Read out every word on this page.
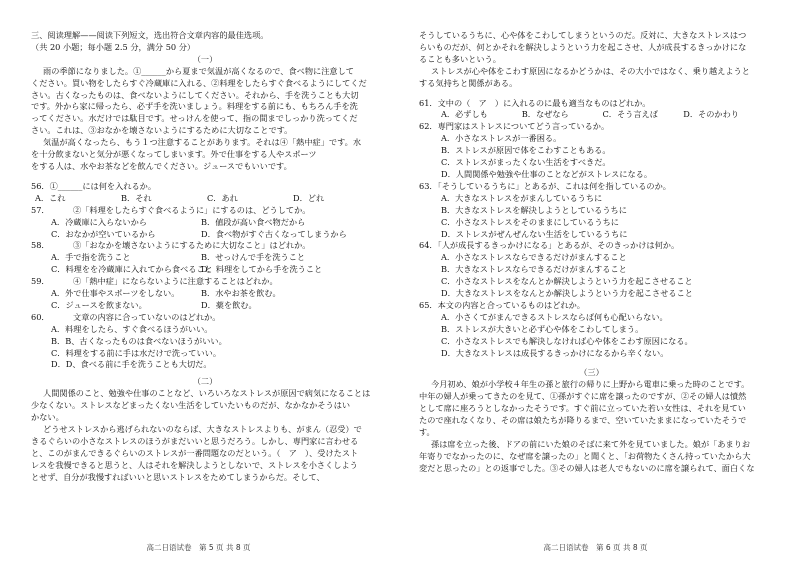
三、阅读理解——阅读下列短文，选出符合文章内容的最佳选项。
（共 20 小题；每小题 2.5 分，满分 50 分）
（一）
雨の季節になりました。①______から夏まで気温が高くなるので、食べ物に注意して
ください。買い物をしたらすぐ冷蔵庫に入れる、②料理をしたらすぐ食べるようにしてくだ
さい。古くなったものは、食べないようにしてください。それから、手を洗うことも大切
です。外から家に帰ったら、必ず手を洗いましょう。料理をする前にも、もちろん手を洗
ってください。水だけでは駄目です。せっけんを使って、指の間までしっかり洗ってくだ
さい。これは、③おなかを壊さないようにするために大切なことです。
気温が高くなったら、もう１つ注意することがあります。それは④「熱中症」です。水
を十分飲まないと気分が悪くなってしまいます。外で仕事をする人やスポーツ
をする人は、水やお茶などを飲んでください。ジュースでもいいです。
56．①______には何を入れるか。
A．これ	B．それ	C．あれ	D．どれ
57．	②「料理をしたらすぐ食べるように」にするのは、どうしてか。
A．冷蔵庫に入らないから	B．値段が高い食べ物だから
C．おなかが空いているから	D．食べ物がすぐ古くなってしまうから
58．	③「おなかを壊さないようにするために大切なこと」はどれか。
A．手で指を洗うこと	B．せっけんで手を洗うこと
C．料理をを冷蔵庫に入れてから食べること
D．料理をしてから手を洗うこと
59．	④「熱中症」にならないように注意することはどれか。
A．外で仕事やスポーツをしない。	B．水やお茶を飲む。
C．ジュースを飲まない。	D．薬を飲む。
60．	文章の内容に合っていないのはどれか。
A．料理をしたら、すぐ食べるほうがいい。
B．B、古くなったものは食べないほうがいい。
C．料理をする前に手は水だけで洗っていい。
D．D、食べる前に手を洗うことも大切だ。
（二）
人間関係のこと、勉強や仕事のことなど、いろいろなストレスが原因で病気になることは
少なくない。ストレスなどまったくない生活をしていたいものだが、なかなかそうはい
かない。
どうせストレスから逃げられないのならば、大きなストレスよりも、がまん（忍受）で
きるぐらいの小さなストレスのほうがまだいいと思うだろう。しかし、専門家に言わせる
と、このがまんできるぐらいのストレスが一番問題なのだという。（　ア　）、受けたスト
レスを我慢できると思うと、人はそれを解決しようとしないで、ストレスを小さくしよう
とせず、自分が我慢すればいいと思いストレスをためてしまうからだ。そして、
高二日语试卷　第 5 页 共 8 页
そうしているうちに、心や体をこわしてしまうというのだ。反対に、大きなストレスはつ
らいものだが、何とかそれを解決しようという力を起こさせ、人が成長するきっかけにな
ることも多いという。
ストレスが心や体をこわす原因になるかどうかは、その大小ではなく、乗り越えようと
する気持ちと関係がある。
61．文中の（　ア　）に入れるのに最も適当なものはどれか。
A．必ずしも	B．なぜなら	C．そう言えば	D．そのかわり
62．専門家はストレスについてどう言っているか。
A．小さなストレスが一番困る。
B．ストレスが原因で体をこわすこともある。
C．ストレスがまったくない生活をすべきだ。
D．人間関係や勉強や仕事のことなどがストレスになる。
63．「そうしているうちに」とあるが、これは何を指しているのか。
A．大きなストレスをがまんしているうちに
B．大きなストレスを解決しようとしているうちに
C．小さなストレスをそのままにしているうちに
D．ストレスがぜんぜんない生活をしているうちに
64．「人が成長するきっかけになる」とあるが、そのきっかけは何か。
A．小さなストレスならできるだけがまんすること
B．大きなストレスならできるだけがまんすること
C．小さなストレスをなんとか解決しようという力を起こさせること
D．大きなストレスをなんとか解決しようという力を起こさせること
65．本文の内容と合っているものはどれか。
A．小さくてがまんできるストレスならば何も心配いらない。
B．ストレスが大きいと必ず心や体をこわしてしまう。
C．小さなストレスでも解決しなければ心や体をこわす原因になる。
D．大きなストレスは成長するきっかけになるから辛くない。
（三）
今月初め、娘が小学校４年生の孫と旅行の帰りに上野から電車に乗った時のことです。
中年の婦人が乗ってきたのを見て、①孫がすぐに席を譲ったのですが、②その婦人は憤然
として席に座ろうとしなかったそうです。すぐ前に立っていた若い女性は、それを見てい
たので座れなくなり、その席は娘たちが降りるまで、空いていたままになっていたそうで
す。
孫は席を立った後、ドアの前にいた娘のそばに来て外を見ていました。娘が「あまりお
年寄りでなかったのに、なぜ席を譲ったの」と聞くと、「お荷物たくさん持っていたから大
変だと思ったの」との返事でした。③その婦人は老人でもないのに席を譲られて、面白くな
高二日语试卷　第 6 页 共 8 页
